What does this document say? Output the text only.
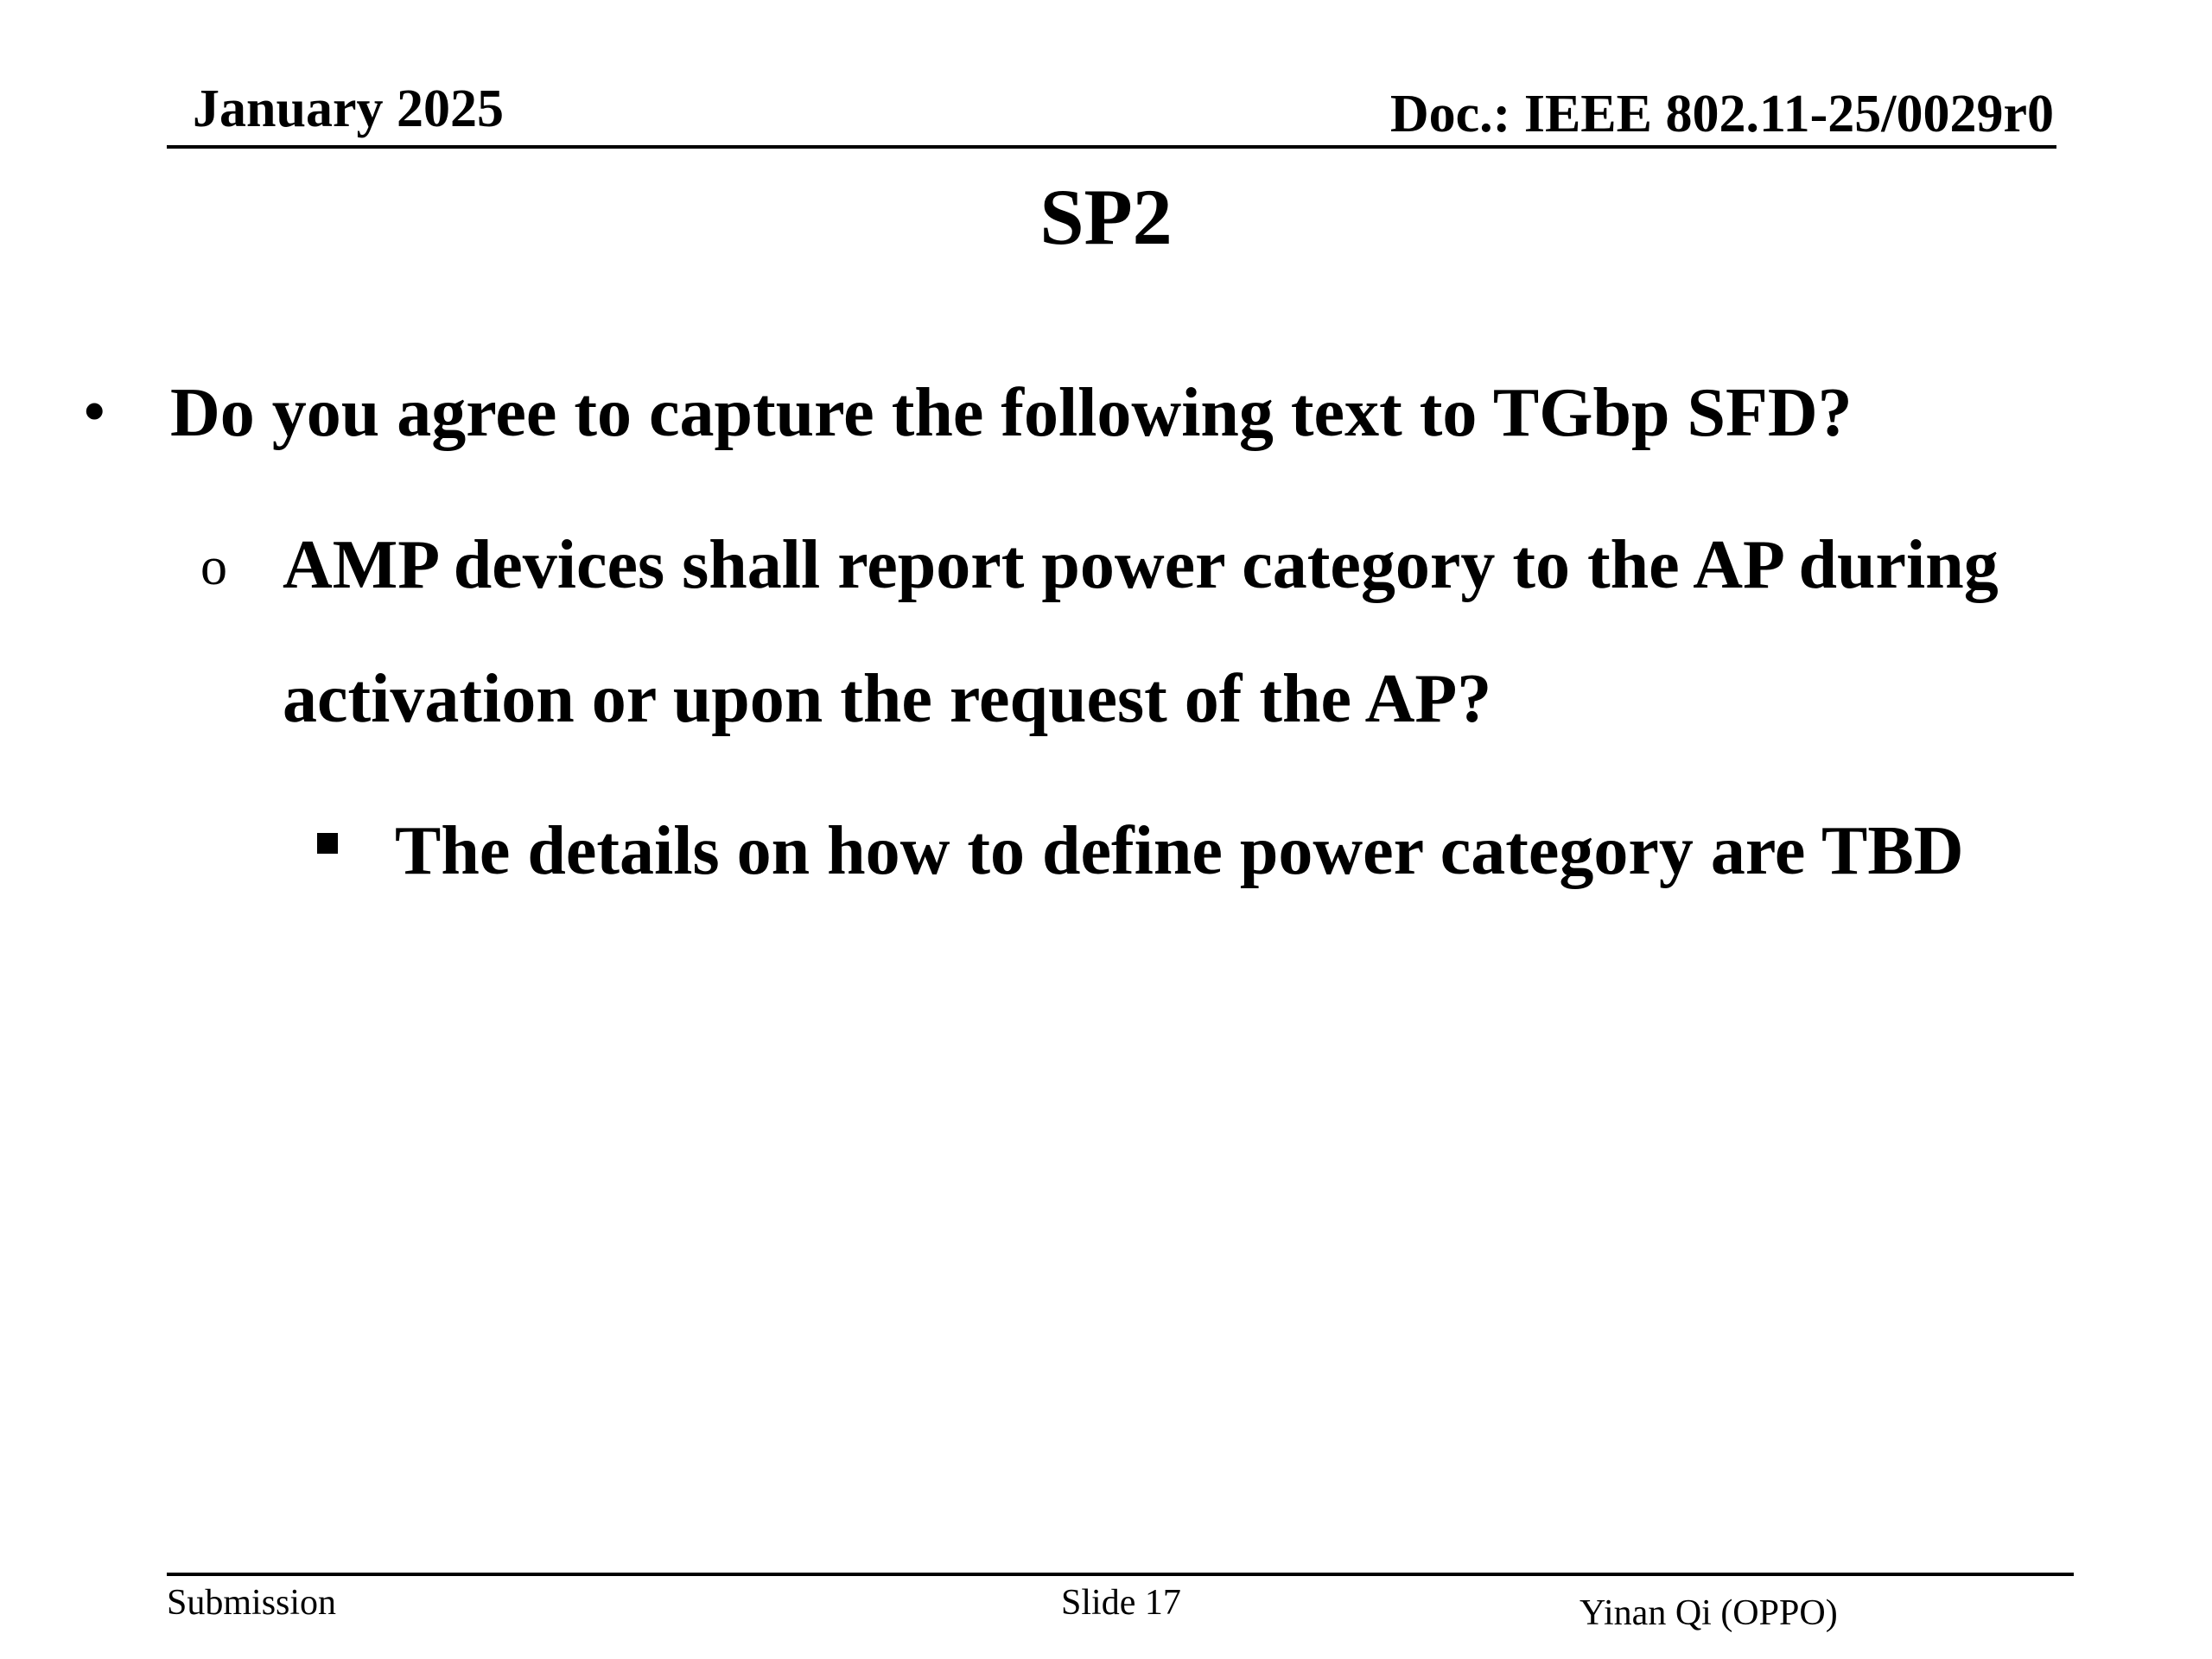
January 2025	Doc.: IEEE 802.11-25/0029r0
SP2
• Do you agree to capture the following text to TGbp SFD?
o AMP devices shall report power category to the AP during
activation or upon the request of the AP?
The details on how to define power category are TBD
Submission	Slide 17	Yinan Qi (OPPO)
